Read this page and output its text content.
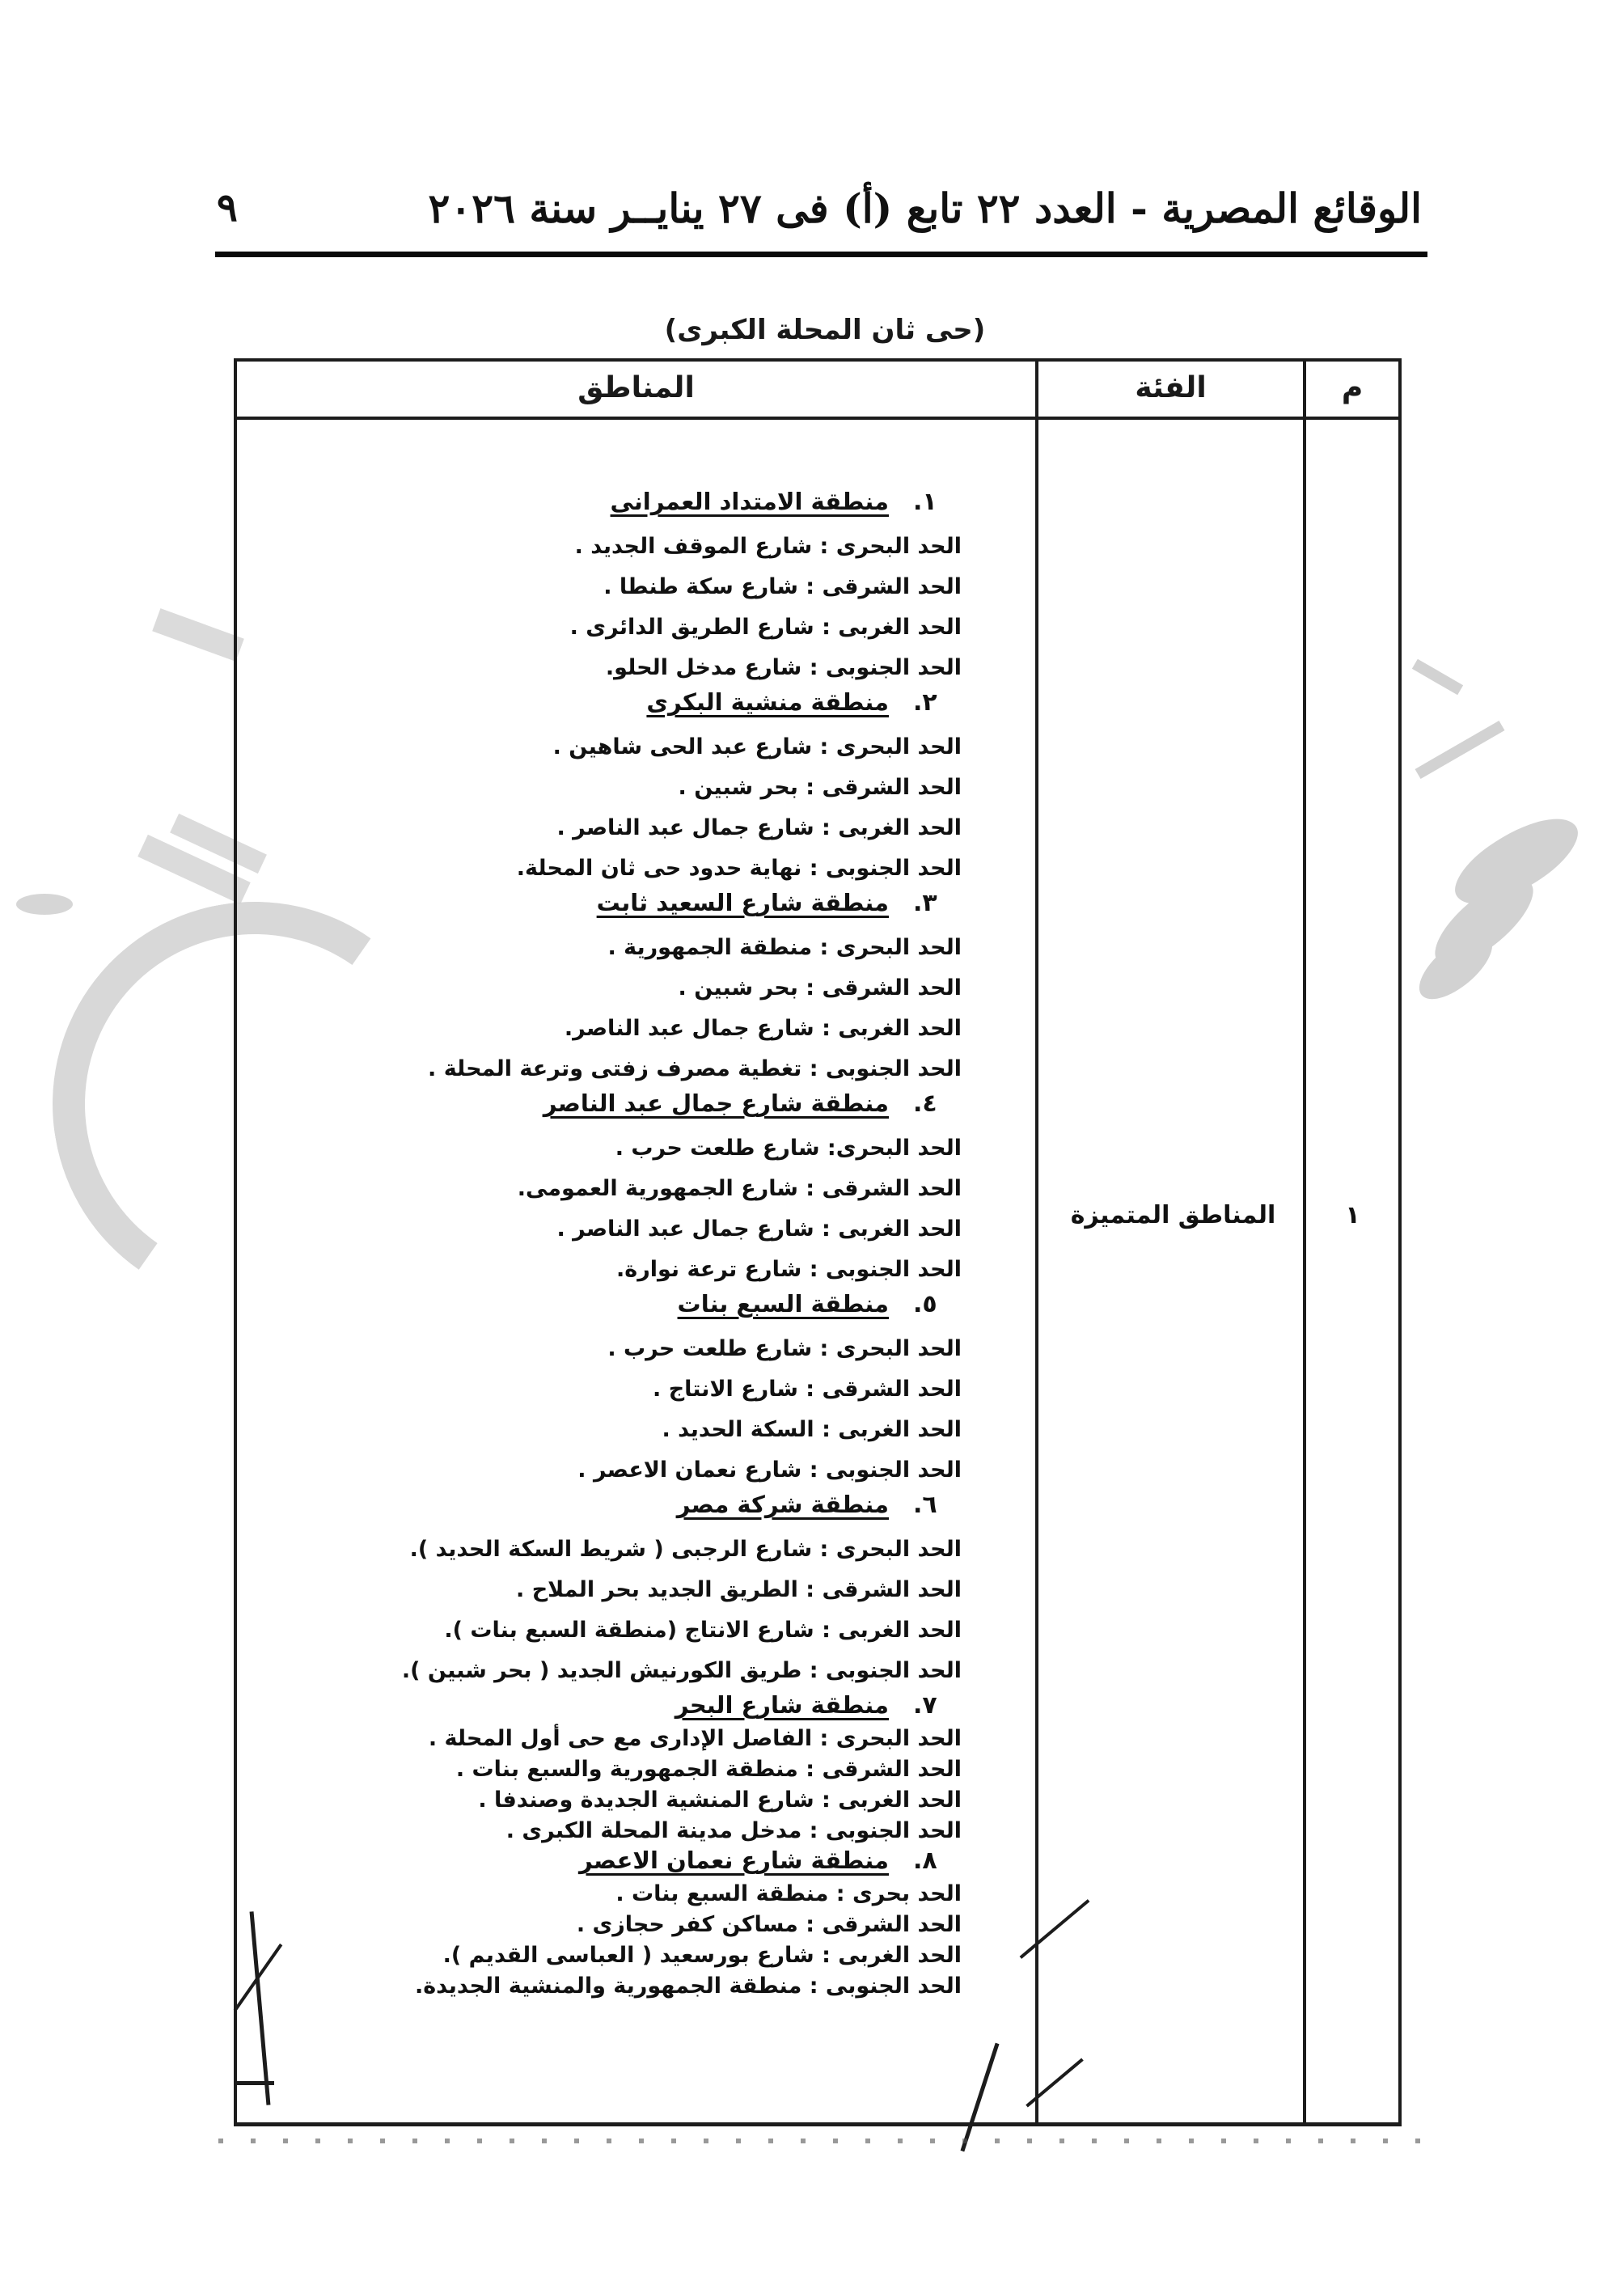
الوقائع المصرية - العدد ٢٢ تابع (أ) فى ٢٧ ينايــر سنة ٢٠٢٦
٩
(حى ثان المحلة الكبرى)
المناطق	الفئة	م
١.
منطقة الامتداد العمرانى
الحد البحرى : شارع الموقف الجديد .
الحد الشرقى : شارع سكة طنطا .
الحد الغربى : شارع الطريق الدائرى .
الحد الجنوبى : شارع مدخل الحلو.
٢.
منطقة منشية البكرى
الحد البحرى : شارع عبد الحى شاهين .
الحد الشرقى : بحر شبين .
الحد الغربى : شارع جمال عبد الناصر .
الحد الجنوبى : نهاية حدود حى ثان المحلة.
٣.
منطقة شارع السعيد ثابت
الحد البحرى : منطقة الجمهورية .
الحد الشرقى : بحر شبين .
الحد الغربى : شارع جمال عبد الناصر.
الحد الجنوبى : تغطية مصرف زفتى وترعة المحلة .
٤.
منطقة شارع جمال عبد الناصر
الحد البحرى: شارع طلعت حرب .
الحد الشرقى : شارع الجمهورية العمومى.
الحد الغربى : شارع جمال عبد الناصر .
الحد الجنوبى : شارع ترعة نوارة.
٥.
منطقة السبع بنات
الحد البحرى : شارع طلعت حرب .
الحد الشرقى : شارع الانتاج .
الحد الغربى : السكة الحديد .
الحد الجنوبى : شارع نعمان الاعصر .
٦.
منطقة شركة مصر
الحد البحرى : شارع الرجبى ( شريط السكة الحديد ).
الحد الشرقى : الطريق الجديد بحر الملاح .
الحد الغربى : شارع الانتاج (منطقة السبع بنات ).
الحد الجنوبى : طريق الكورنيش الجديد ( بحر شبين ).
٧.
منطقة شارع البحر
الحد البحرى : الفاصل الإدارى مع حى أول المحلة .
الحد الشرقى : منطقة الجمهورية والسبع بنات .
الحد الغربى : شارع المنشية الجديدة وصندفا .
الحد الجنوبى : مدخل مدينة المحلة الكبرى .
٨.
منطقة شارع نعمان الاعصر
الحد بحرى : منطقة السبع بنات .
الحد الشرقى : مساكن كفر حجازى .
الحد الغربى : شارع بورسعيد ( العباسى القديم ).
الحد الجنوبى : منطقة الجمهورية والمنشية الجديدة.
المناطق المتميزة	١
